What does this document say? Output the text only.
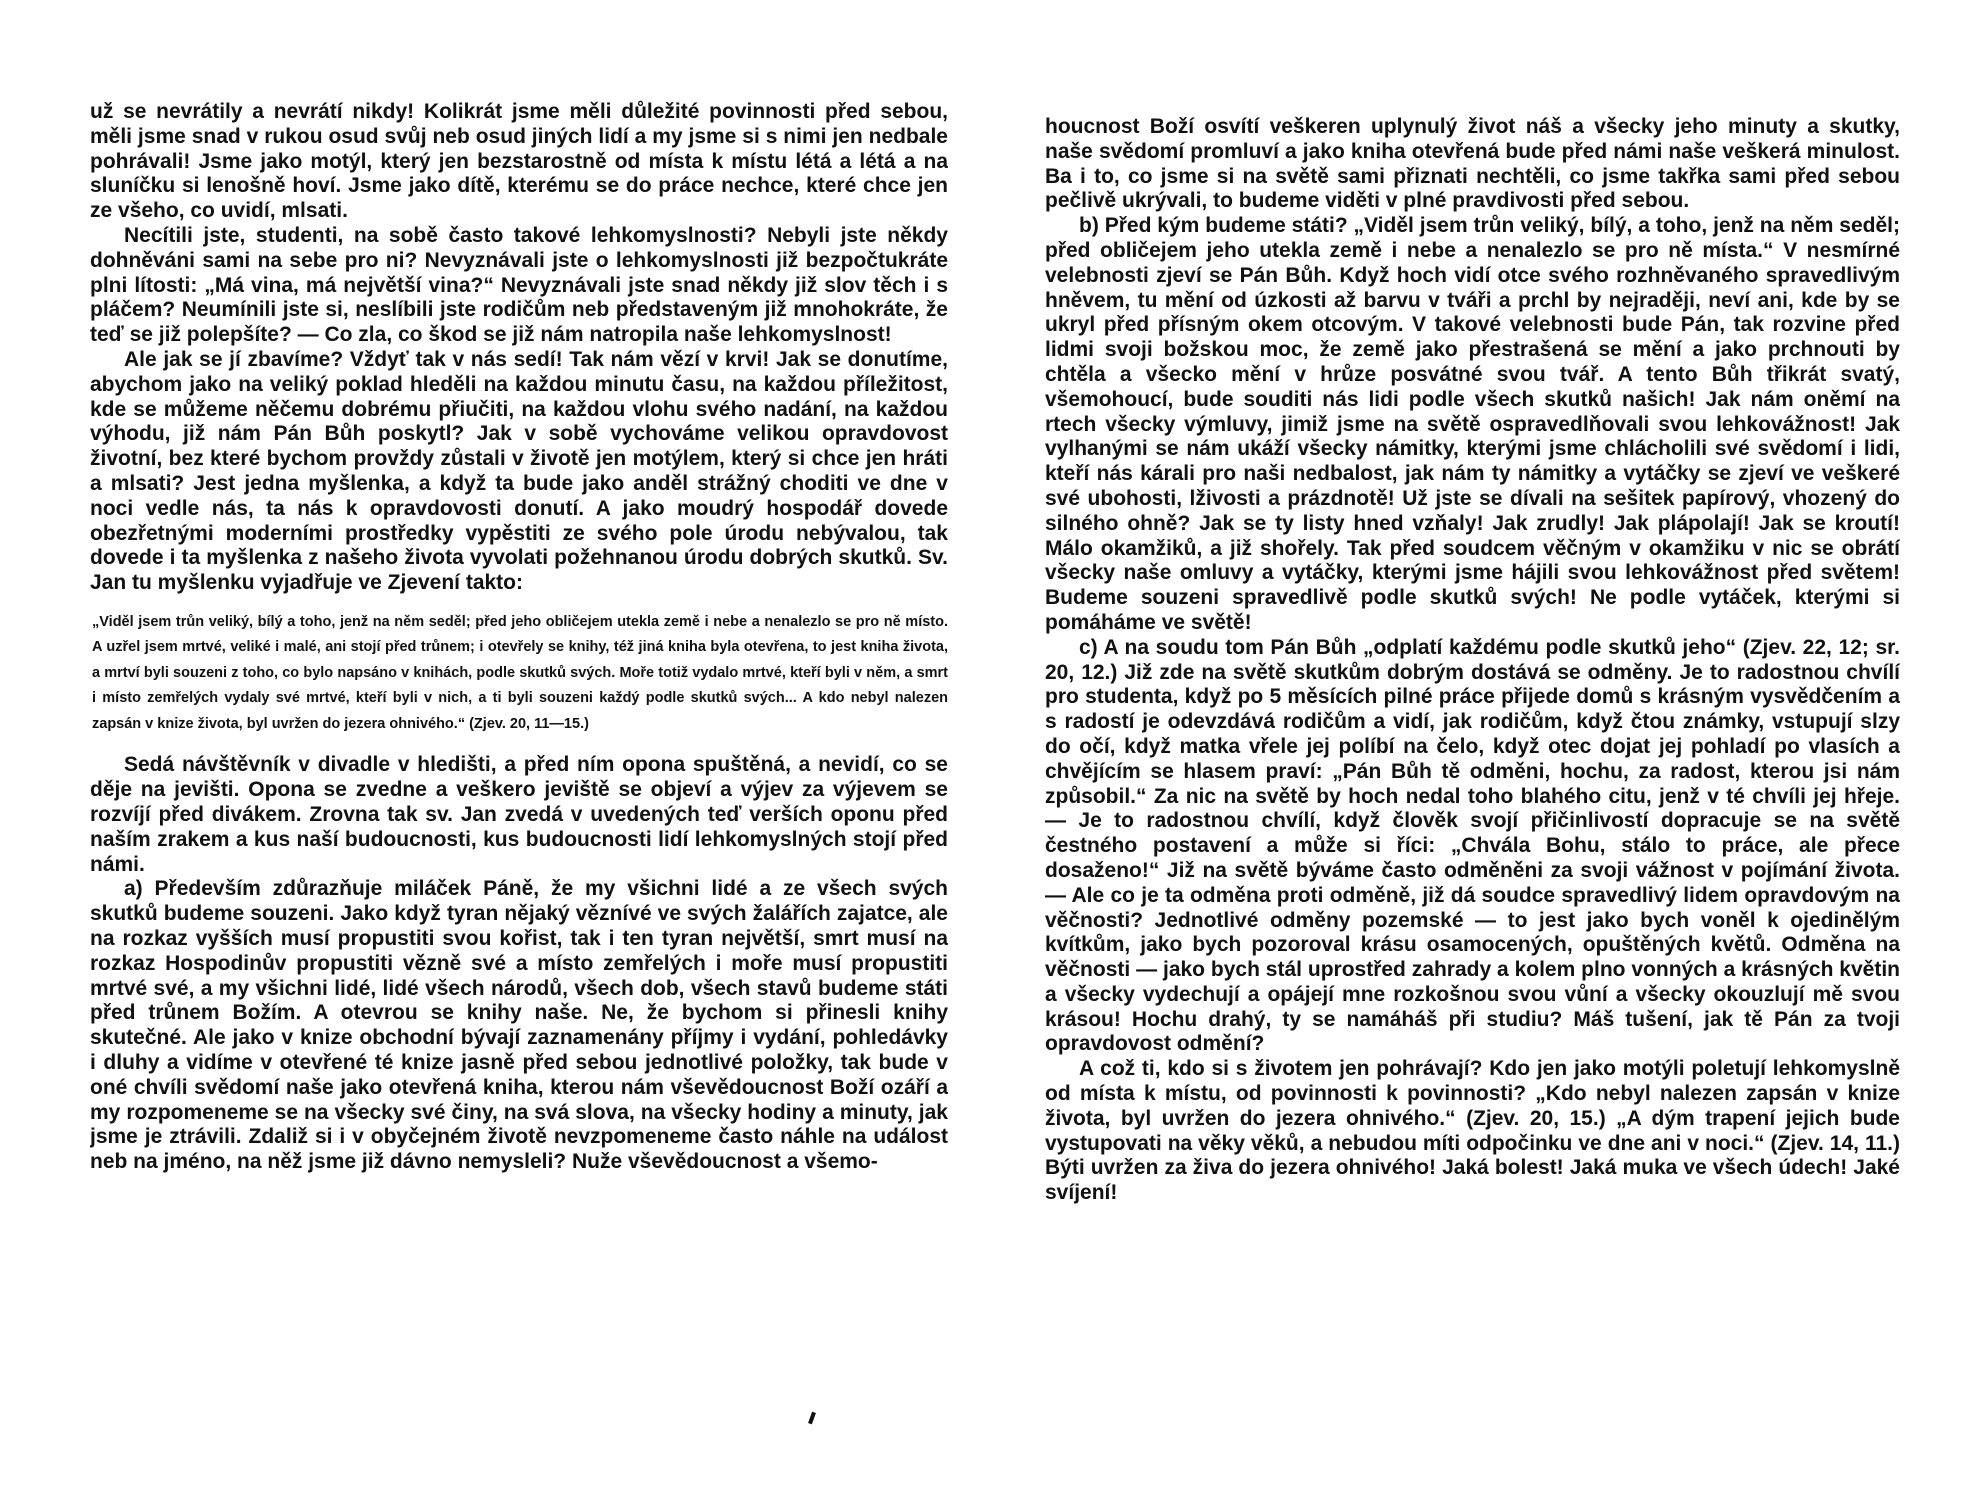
už se nevrátily a nevrátí nikdy! Kolikrát jsme měli důležité povinnosti před sebou, měli jsme snad v rukou osud svůj neb osud jiných lidí a my jsme si s nimi jen nedbale pohrávali! Jsme jako motýl, který jen bezstarostně od místa k místu létá a létá a na sluníčku si lenošně hoví. Jsme jako dítě, kterému se do práce nechce, které chce jen ze všeho, co uvidí, mlsati.

Necítili jste, studenti, na sobě často takové lehkomyslnosti? Nebyli jste někdy dohněváni sami na sebe pro ni? Nevyznávali jste o lehkomyslnosti již bezpočtukráte plni lítosti: „Má vina, má největší vina?“ Nevyznávali jste snad někdy již slov těch i s pláčem? Neumínili jste si, neslíbili jste rodičům neb představeným již mnohokráte, že teď se již polepšíte? — Co zla, co škod se již nám natropila naše lehkomyslnost!

Ale jak se jí zbavíme? Vždyť tak v nás sedí! Tak nám vězí v krvi! Jak se donutíme, abychom jako na veliký poklad hleděli na každou minutu času, na každou příležitost, kde se můžeme něčemu dobrému přiučiti, na každou vlohu svého nadání, na každou výhodu, již nám Pán Bůh poskytl? Jak v sobě vychováme velikou opravdovost životní, bez které bychom provždy zůstali v životě jen motýlem, který si chce jen hráti a mlsati? Jest jedna myšlenka, a když ta bude jako anděl strážný choditi ve dne v noci vedle nás, ta nás k opravdovosti donutí. A jako moudrý hospodář dovede obezřetnými moderními prostředky vypěstiti ze svého pole úrodu nebývalou, tak dovede i ta myšlenka z našeho života vyvolati požehnanou úrodu dobrých skutků. Sv. Jan tu myšlenku vyjadřuje ve Zjevení takto:

„Viděl jsem trůn veliký, bílý a toho, jenž na něm seděl; před jeho obličejem utekla země i nebe a nenalezlo se pro ně místo. A uzřel jsem mrtvé, veliké i malé, ani stojí před trůnem; i otevřely se knihy, též jiná kniha byla otevřena, to jest kniha života, a mrtví byli souzeni z toho, co bylo napsáno v knihách, podle skutků svých. Moře totiž vydalo mrtvé, kteří byli v něm, a smrt i místo zemřelých vydaly své mrtvé, kteří byli v nich, a ti byli souzeni každý podle skutků svých... A kdo nebyl nalezen zapsán v knize života, byl uvržen do jezera ohnivého.“ (Zjev. 20, 11—15.)

Sedá návštěvník v divadle v hledišti, a před ním opona spuštěná, a nevidí, co se děje na jevišti. Opona se zvedne a veškero jeviště se objeví a výjev za výjevem se rozvíjí před divákem. Zrovna tak sv. Jan zvedá v uvedených teď verších oponu před naším zrakem a kus naší budoucnosti, kus budoucnosti lidí lehkomyslných stojí před námi.

a) Především zdůrazňuje miláček Páně, že my všichni lidé a ze všech svých skutků budeme souzeni. Jako když tyran nějaký věznívé ve svých žalářích zajatce, ale na rozkaz vyšších musí propustiti svou kořist, tak i ten tyran největší, smrt musí na rozkaz Hospodinův propustiti vězně své a místo zemřelých i moře musí propustiti mrtvé své, a my všichni lidé, lidé všech národů, všech dob, všech stavů budeme státi před trůnem Božím. A otevrou se knihy naše. Ne, že bychom si přinesli knihy skutečné. Ale jako v knize obchodní bývají zaznamenány příjmy i vydání, pohledávky i dluhy a vidíme v otevřené té knize jasně před sebou jednotlivé položky, tak bude v oné chvíli svědomí naše jako otevřená kniha, kterou nám vševědoucnost Boží ozáří a my rozpomeneme se na všecky své činy, na svá slova, na všecky hodiny a minuty, jak jsme je ztrávili. Zdaliž si i v obyčejném životě nevzpomeneme často náhle na událost neb na jméno, na něž jsme již dávno nemysleli? Nuže vševědoucnost a všemo-

houcnost Boží osvítí veškeren uplynulý život náš a všecky jeho minuty a skutky, naše svědomí promluví a jako kniha otevřená bude před námi naše veškerá minulost. Ba i to, co jsme si na světě sami přiznati nechtěli, co jsme takřka sami před sebou pečlivě ukrývali, to budeme viděti v plné pravdivosti před sebou.

b) Před kým budeme státi? „Viděl jsem trůn veliký, bílý, a toho, jenž na něm seděl; před obličejem jeho utekla země i nebe a nenalezlo se pro ně místa.“ V nesmírné velebnosti zjeví se Pán Bůh. Když hoch vidí otce svého rozhněvaného spravedlivým hněvem, tu mění od úzkosti až barvu v tváři a prchl by nejraději, neví ani, kde by se ukryl před přísným okem otcovým. V takové velebnosti bude Pán, tak rozvine před lidmi svoji božskou moc, že země jako přestrašená se mění a jako prchnouti by chtěla a všecko mění v hrůze posvátné svou tvář. A tento Bůh třikrát svatý, všemohoucí, bude souditi nás lidi podle všech skutků našich! Jak nám oněmí na rtech všecky výmluvy, jimiž jsme na světě ospravedlňovali svou lehkovážnost! Jak vylhanými se nám ukáží všecky námitky, kterými jsme chlácholili své svědomí i lidi, kteří nás kárali pro naši nedbalost, jak nám ty námitky a vytáčky se zjeví ve veškeré své ubohosti, lživosti a prázdnotě! Už jste se dívali na sešitek papírový, vhozený do silného ohně? Jak se ty listy hned vzňaly! Jak zrudly! Jak plápolají! Jak se kroutí! Málo okamžiků, a již shořely. Tak před soudcem věčným v okamžiku v nic se obrátí všecky naše omluvy a vytáčky, kterými jsme hájili svou lehkovážnost před světem! Budeme souzeni spravedlivě podle skutků svých! Ne podle vytáček, kterými si pomáháme ve světě!

c) A na soudu tom Pán Bůh „odplatí každému podle skutků jeho“ (Zjev. 22, 12; sr. 20, 12.) Již zde na světě skutkům dobrým dostává se odměny. Je to radostnou chvílí pro studenta, když po 5 měsících pilné práce přijede domů s krásným vysvědčením a s radostí je odevzdává rodičům a vidí, jak rodičům, když čtou známky, vstupují slzy do očí, když matka vřele jej políbí na čelo, když otec dojat jej pohladí po vlasích a chvějícím se hlasem praví: „Pán Bůh tě odměni, hochu, za radost, kterou jsi nám způsobil.“ Za nic na světě by hoch nedal toho blahého citu, jenž v té chvíli jej hřeje. — Je to radostnou chvílí, když člověk svojí přičinlivostí dopracuje se na světě čestného postavení a může si říci: „Chvála Bohu, stálo to práce, ale přece dosaženo!“ Již na světě býváme často odměněni za svoji vážnost v pojímání života. — Ale co je ta odměna proti odměně, již dá soudce spravedlivý lidem opravdovým na věčnosti? Jednotlivé odměny pozemské — to jest jako bych voněl k ojedinělým kvítkům, jako bych pozoroval krásu osamocených, opuštěných květů. Odměna na věčnosti — jako bych stál uprostřed zahrady a kolem plno vonných a krásných květin a všecky vydechují a opájejí mne rozkošnou svou vůní a všecky okouzlují mě svou krásou! Hochu drahý, ty se namáháš při studiu? Máš tušení, jak tě Pán za tvoji opravdovost odmění?

A což ti, kdo si s životem jen pohrávají? Kdo jen jako motýli poletují lehkomyslně od místa k místu, od povinnosti k povinnosti? „Kdo nebyl nalezen zapsán v knize života, byl uvržen do jezera ohnivého.“ (Zjev. 20, 15.) „A dým trapení jejich bude vystupovati na věky věků, a nebudou míti odpočinku ve dne ani v noci.“ (Zjev. 14, 11.) Býti uvržen za živa do jezera ohnivého! Jaká bolest! Jaká muka ve všech údech! Jaké svíjení!
